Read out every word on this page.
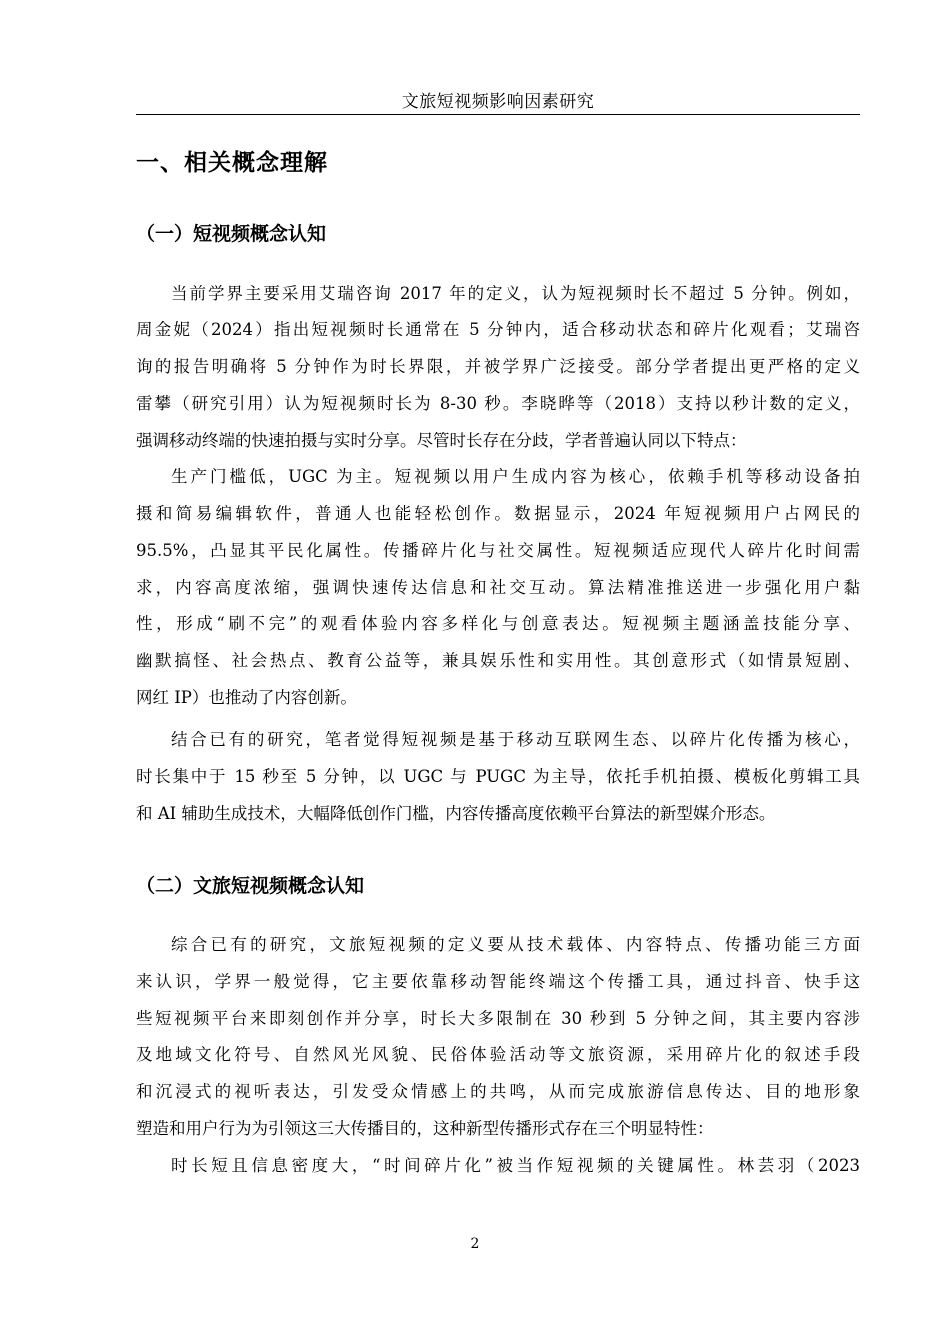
文旅短视频影响因素研究
一、相关概念理解
（一）短视频概念认知
当前学界主要采用艾瑞咨询 2017 年的定义，认为短视频时长不超过 5 分钟。例如，
周金妮（2024）指出短视频时长通常在 5 分钟内，适合移动状态和碎片化观看；艾瑞咨
询的报告明确将 5 分钟作为时长界限，并被学界广泛接受。部分学者提出更严格的定义
雷攀（研究引用）认为短视频时长为 8-30 秒。李晓晔等（2018）支持以秒计数的定义，
强调移动终端的快速拍摄与实时分享。尽管时长存在分歧，学者普遍认同以下特点：
生产门槛低，UGC 为主。短视频以用户生成内容为核心，依赖手机等移动设备拍
摄和简易编辑软件，普通人也能轻松创作。数据显示，2024 年短视频用户占网民的
95.5%，凸显其平民化属性。传播碎片化与社交属性。短视频适应现代人碎片化时间需
求，内容高度浓缩，强调快速传达信息和社交互动。算法精准推送进一步强化用户黏
性，形成“刷不完”的观看体验内容多样化与创意表达。短视频主题涵盖技能分享、
幽默搞怪、社会热点、教育公益等，兼具娱乐性和实用性。其创意形式（如情景短剧、
网红 IP）也推动了内容创新。
结合已有的研究，笔者觉得短视频是基于移动互联网生态、以碎片化传播为核心，
时长集中于 15 秒至 5 分钟，以 UGC 与 PUGC 为主导，依托手机拍摄、模板化剪辑工具
和 AI 辅助生成技术，大幅降低创作门槛，内容传播高度依赖平台算法的新型媒介形态。
（二）文旅短视频概念认知
综合已有的研究，文旅短视频的定义要从技术载体、内容特点、传播功能三方面
来认识，学界一般觉得，它主要依靠移动智能终端这个传播工具，通过抖音、快手这
些短视频平台来即刻创作并分享，时长大多限制在 30 秒到 5 分钟之间，其主要内容涉
及地域文化符号、自然风光风貌、民俗体验活动等文旅资源，采用碎片化的叙述手段
和沉浸式的视听表达，引发受众情感上的共鸣，从而完成旅游信息传达、目的地形象
塑造和用户行为为引领这三大传播目的，这种新型传播形式存在三个明显特性：
时长短且信息密度大，“时间碎片化”被当作短视频的关键属性。林芸羽（2023
2
